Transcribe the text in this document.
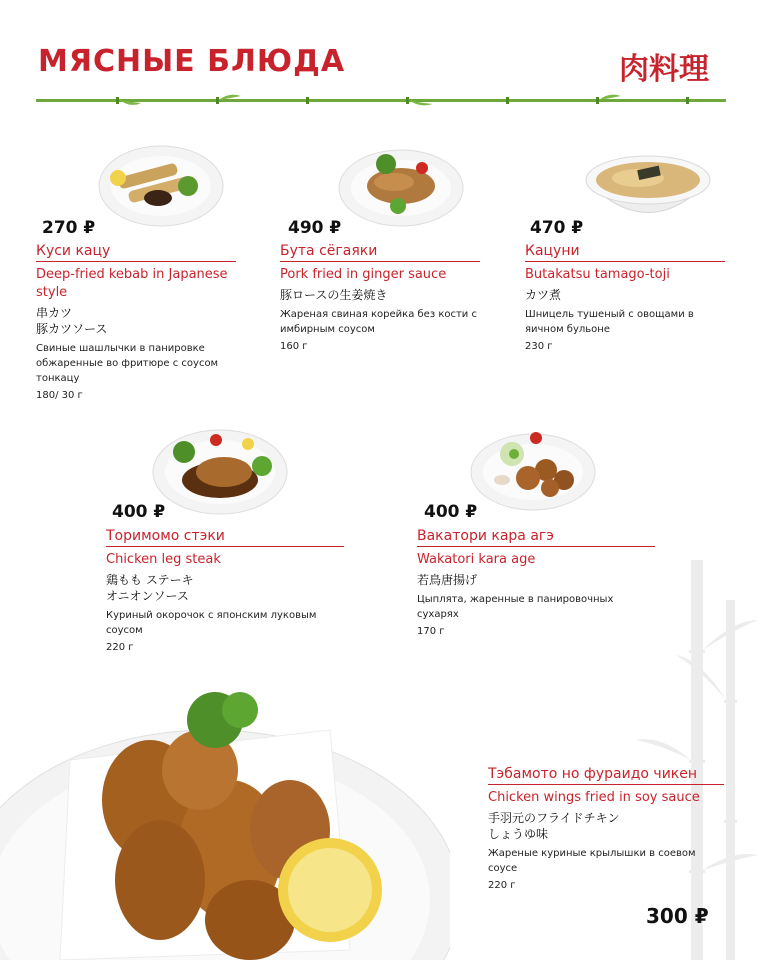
МЯСНЫЕ БЛЮДА	肉料理
270 ₽

Куси кацу

Deep-fried kebab in Japanese style

串カツ
豚カツソース

Свиные шашлычки в панировке обжаренные во фритюре с соусом тонкацу

180/ 30 г

490 ₽

Бута сёгаяки

Pork fried in ginger sauce

豚ロースの生姜焼き

Жареная свиная корейка без кости с имбирным соусом

160 г

470 ₽

Кацуни

Butakatsu tamago-toji

カツ煮

Шницель тушеный с овощами в яичном бульоне

230 г

400 ₽

Торимомо стэки

Chicken leg steak

鶏もも ステーキ
オニオンソース

Куриный окорочок с японским луковым соусом

220 г

400 ₽

Вакатори кара агэ

Wakatori kara age

若鳥唐揚げ

Цыплята, жаренные в панировочных сухарях

170 г

Тэбамото но фураидо чикен

Chicken wings fried in soy sauce

手羽元のフライドチキン
しょうゆ味

Жареные куриные крылышки в соевом соусе

220 г

300 ₽
